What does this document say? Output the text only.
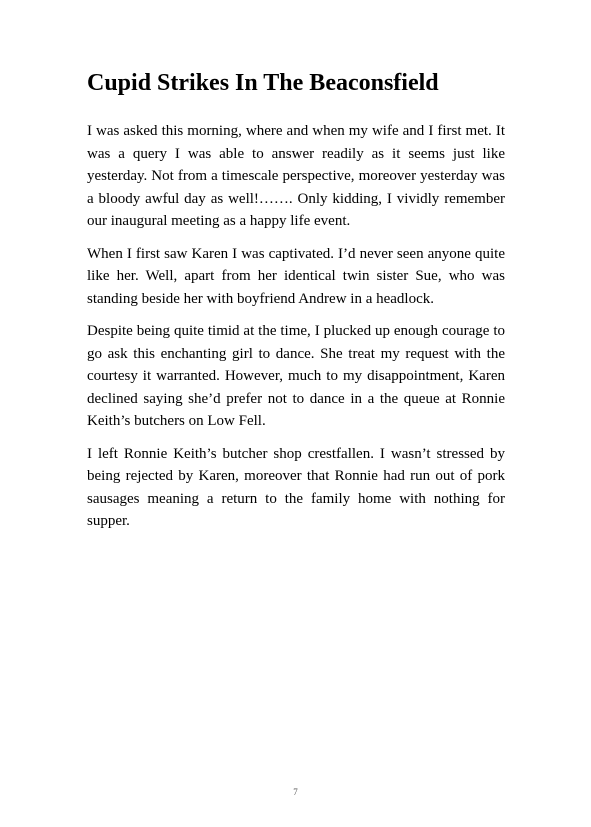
Cupid Strikes In The Beaconsfield

I was asked this morning, where and when my wife and I first met. It was a query I was able to answer readily as it seems just like yesterday. Not from a timescale perspective, moreover yesterday was a bloody awful day as well!……. Only kidding, I vividly remember our inaugural meeting as a happy life event.

When I first saw Karen I was captivated. I’d never seen anyone quite like her. Well, apart from her identical twin sister Sue, who was standing beside her with boyfriend Andrew in a headlock.

Despite being quite timid at the time, I plucked up enough courage to go ask this enchanting girl to dance. She treat my request with the courtesy it warranted. However, much to my disappointment, Karen declined saying she’d prefer not to dance in a the queue at Ronnie Keith’s butchers on Low Fell.

I left Ronnie Keith’s butcher shop crestfallen. I wasn’t stressed by being rejected by Karen, moreover that Ronnie had run out of pork sausages meaning a return to the family home with nothing for supper.

7
